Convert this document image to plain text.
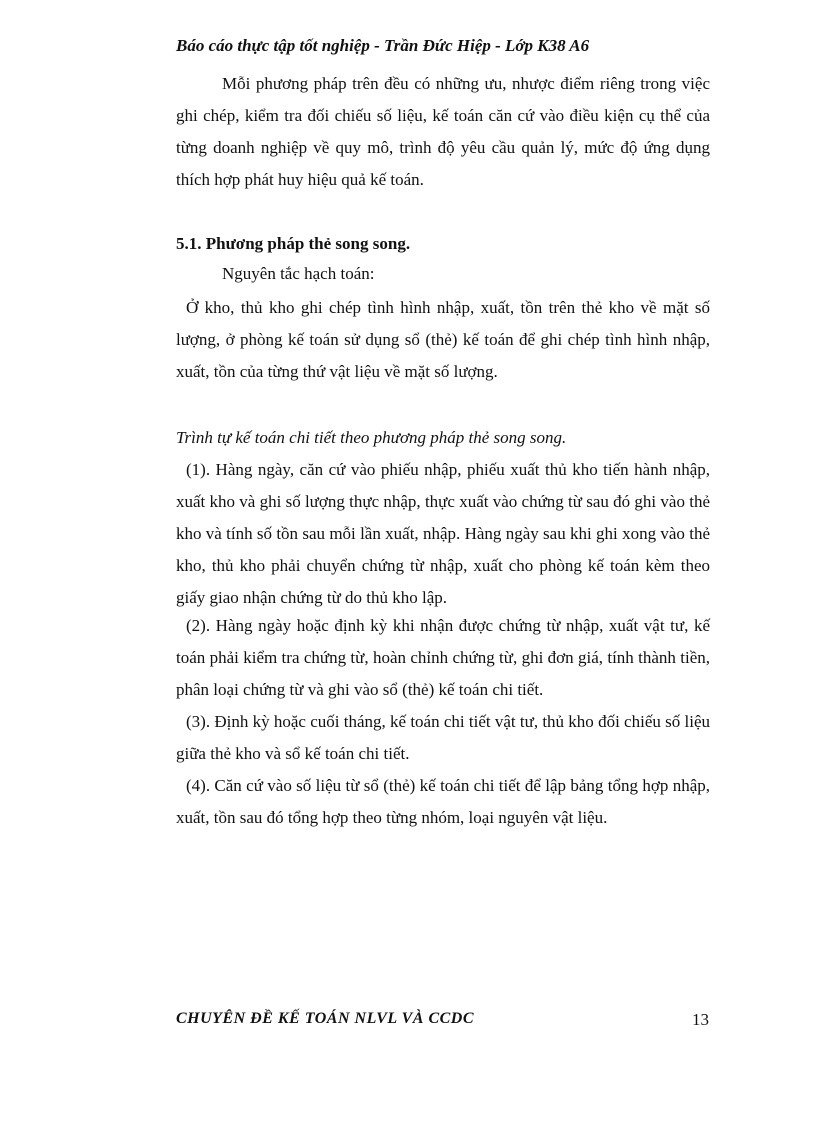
Báo cáo thực tập tốt nghiệp - Trần Đức Hiệp - Lớp K38 A6

Mỗi phương pháp trên đều có những ưu, nhược điểm riêng trong việc ghi chép, kiểm tra đối chiếu số liệu, kế toán căn cứ vào điều kiện cụ thể của từng doanh nghiệp về quy mô, trình độ yêu cầu quản lý, mức độ ứng dụng thích hợp phát huy hiệu quả kế toán.

5.1. Phương pháp thẻ song song.
Nguyên tắc hạch toán:

Ở kho, thủ kho ghi chép tình hình nhập, xuất, tồn trên thẻ kho về mặt số lượng, ở phòng kế toán sử dụng sổ (thẻ) kế toán để ghi chép tình hình nhập, xuất, tồn của từng thứ vật liệu về mặt số lượng.

Trình tự kế toán chi tiết theo phương pháp thẻ song song.

(1). Hàng ngày, căn cứ vào phiếu nhập, phiếu xuất thủ kho tiến hành nhập, xuất kho và ghi số lượng thực nhập, thực xuất vào chứng từ sau đó ghi vào thẻ kho và tính số tồn sau mỗi lần xuất, nhập. Hàng ngày sau khi ghi xong vào thẻ kho, thủ kho phải chuyển chứng từ nhập, xuất cho phòng kế toán kèm theo giấy giao nhận chứng từ do thủ kho lập.

(2). Hàng ngày hoặc định kỳ khi nhận được chứng từ nhập, xuất vật tư, kế toán phải kiểm tra chứng từ, hoàn chỉnh chứng từ, ghi đơn giá, tính thành tiền, phân loại chứng từ và ghi vào sổ (thẻ) kế toán chi tiết.

(3). Định kỳ hoặc cuối tháng, kế toán chi tiết vật tư, thủ kho đối chiếu số liệu giữa thẻ kho và sổ kế toán chi tiết.

(4). Căn cứ vào số liệu từ sổ (thẻ) kế toán chi tiết để lập bảng tổng hợp nhập, xuất, tồn sau đó tổng hợp theo từng nhóm, loại nguyên vật liệu.

CHUYÊN ĐỀ KẾ TOÁN NLVL VÀ CCDC	13
